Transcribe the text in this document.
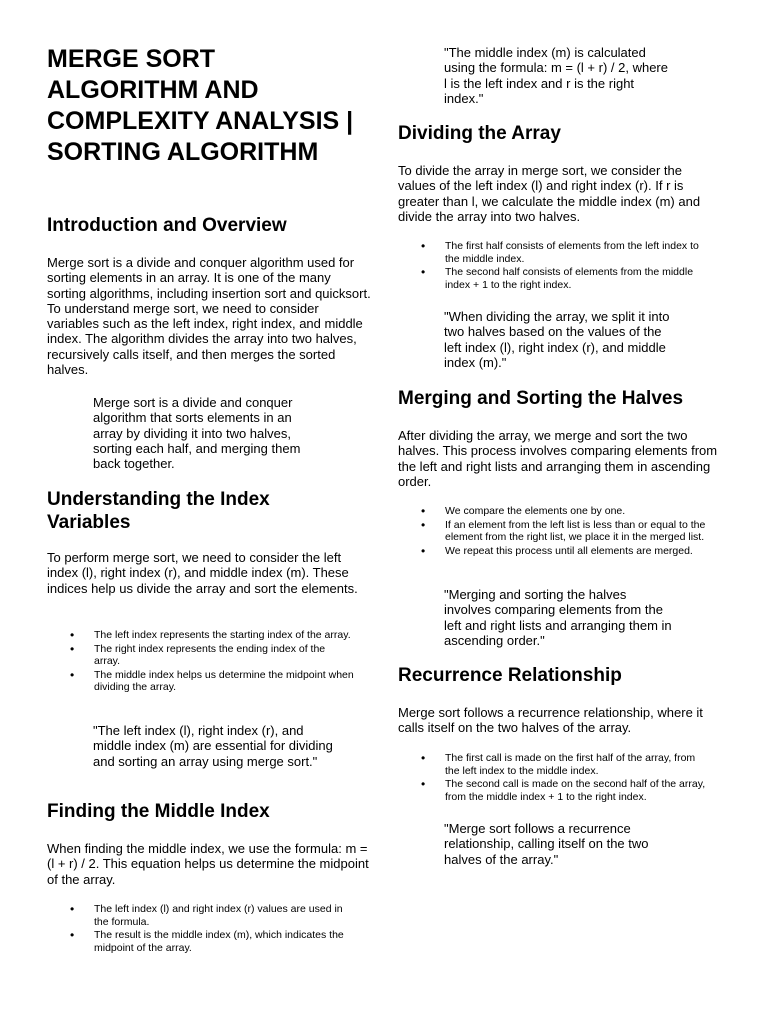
MERGE SORT ALGORITHM AND COMPLEXITY ANALYSIS | SORTING ALGORITHM
Introduction and Overview

Merge sort is a divide and conquer algorithm used for sorting elements in an array. It is one of the many sorting algorithms, including insertion sort and quicksort. To understand merge sort, we need to consider variables such as the left index, right index, and middle index. The algorithm divides the array into two halves, recursively calls itself, and then merges the sorted halves.

Merge sort is a divide and conquer algorithm that sorts elements in an array by dividing it into two halves, sorting each half, and merging them back together.

Understanding the Index Variables

To perform merge sort, we need to consider the left index (l), right index (r), and middle index (m). These indices help us divide the array and sort the elements.

• The left index represents the starting index of the array.
• The right index represents the ending index of the array.
• The middle index helps us determine the midpoint when dividing the array.

"The left index (l), right index (r), and middle index (m) are essential for dividing and sorting an array using merge sort."

Finding the Middle Index

When finding the middle index, we use the formula: m = (l + r) / 2. This equation helps us determine the midpoint of the array.

• The left index (l) and right index (r) values are used in the formula.
• The result is the middle index (m), which indicates the midpoint of the array.

"The middle index (m) is calculated using the formula: m = (l + r) / 2, where l is the left index and r is the right index."

Dividing the Array

To divide the array in merge sort, we consider the values of the left index (l) and right index (r). If r is greater than l, we calculate the middle index (m) and divide the array into two halves.

• The first half consists of elements from the left index to the middle index.
• The second half consists of elements from the middle index + 1 to the right index.

"When dividing the array, we split it into two halves based on the values of the left index (l), right index (r), and middle index (m)."

Merging and Sorting the Halves

After dividing the array, we merge and sort the two halves. This process involves comparing elements from the left and right lists and arranging them in ascending order.

• We compare the elements one by one.
• If an element from the left list is less than or equal to the element from the right list, we place it in the merged list.
• We repeat this process until all elements are merged.

"Merging and sorting the halves involves comparing elements from the left and right lists and arranging them in ascending order."

Recurrence Relationship

Merge sort follows a recurrence relationship, where it calls itself on the two halves of the array.

• The first call is made on the first half of the array, from the left index to the middle index.
• The second call is made on the second half of the array, from the middle index + 1 to the right index.

"Merge sort follows a recurrence relationship, calling itself on the two halves of the array."
